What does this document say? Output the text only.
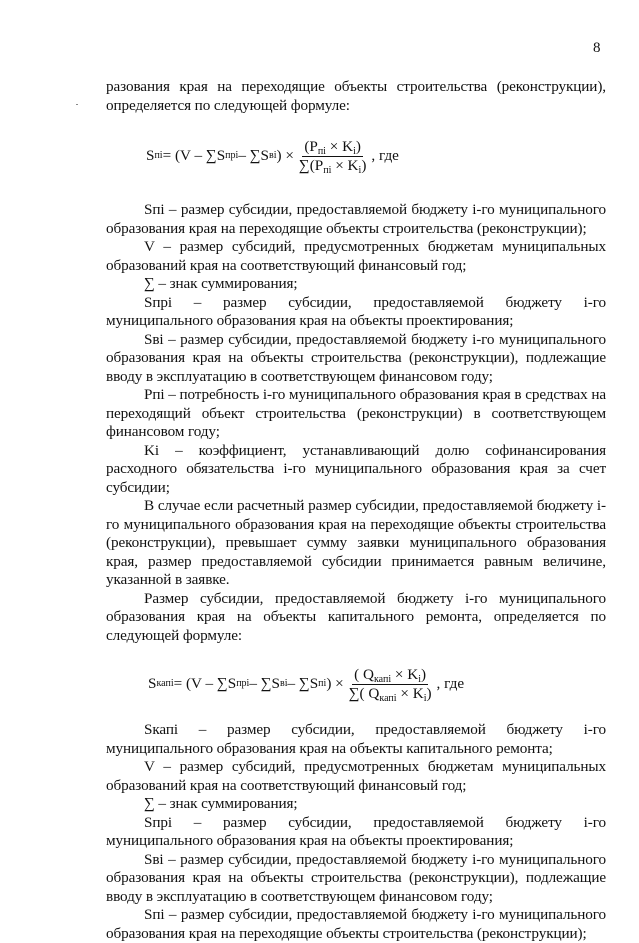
8

разования края на переходящие объекты строительства (реконструкции), определяется по следующей формуле:

S пi = (V – ∑S прi – ∑S вi ) × $\frac{(P_{пi} \times K_i)}{\sum(P_{пi} \times K_i)}$ , где

Sпi – размер субсидии, предоставляемой бюджету i-го муниципального образования края на переходящие объекты строительства (реконструкции);

V – размер субсидий, предусмотренных бюджетам муниципальных образований края на соответствующий финансовый год;

∑ – знак суммирования;

Sпрi – размер субсидии, предоставляемой бюджету i-го муниципального образования края на объекты проектирования;

Sвi – размер субсидии, предоставляемой бюджету i-го муниципального образования края на объекты строительства (реконструкции), подлежащие вводу в эксплуатацию в соответствующем финансовом году;

Pпi – потребность i-го муниципального образования края в средствах на переходящий объект строительства (реконструкции) в соответствующем финансовом году;

Ki – коэффициент, устанавливающий долю софинансирования расходного обязательства i-го муниципального образования края за счет субсидии;

В случае если расчетный размер субсидии, предоставляемой бюджету i-го муниципального образования края на переходящие объекты строительства (реконструкции), превышает сумму заявки муниципального образования края, размер предоставляемой субсидии принимается равным величине, указанной в заявке.

Размер субсидии, предоставляемой бюджету i-го муниципального образования края на объекты капитального ремонта, определяется по следующей формуле:

S капi = (V – ∑S прi – ∑S вi – ∑S пi ) × $\frac{( Q_{капi} \times K_i)}{\sum( Q_{капi} \times K_i)}$ , где

Sкапi – размер субсидии, предоставляемой бюджету i-го муниципального образования края на объекты капитального ремонта;

V – размер субсидий, предусмотренных бюджетам муниципальных образований края на соответствующий финансовый год;

∑ – знак суммирования;

Sпрi – размер субсидии, предоставляемой бюджету i-го муниципального образования края на объекты проектирования;

Sвi – размер субсидии, предоставляемой бюджету i-го муниципального образования края на объекты строительства (реконструкции), подлежащие вводу в эксплуатацию в соответствующем финансовом году;

Sпi – размер субсидии, предоставляемой бюджету i-го муниципального образования края на переходящие объекты строительства (реконструкции);
